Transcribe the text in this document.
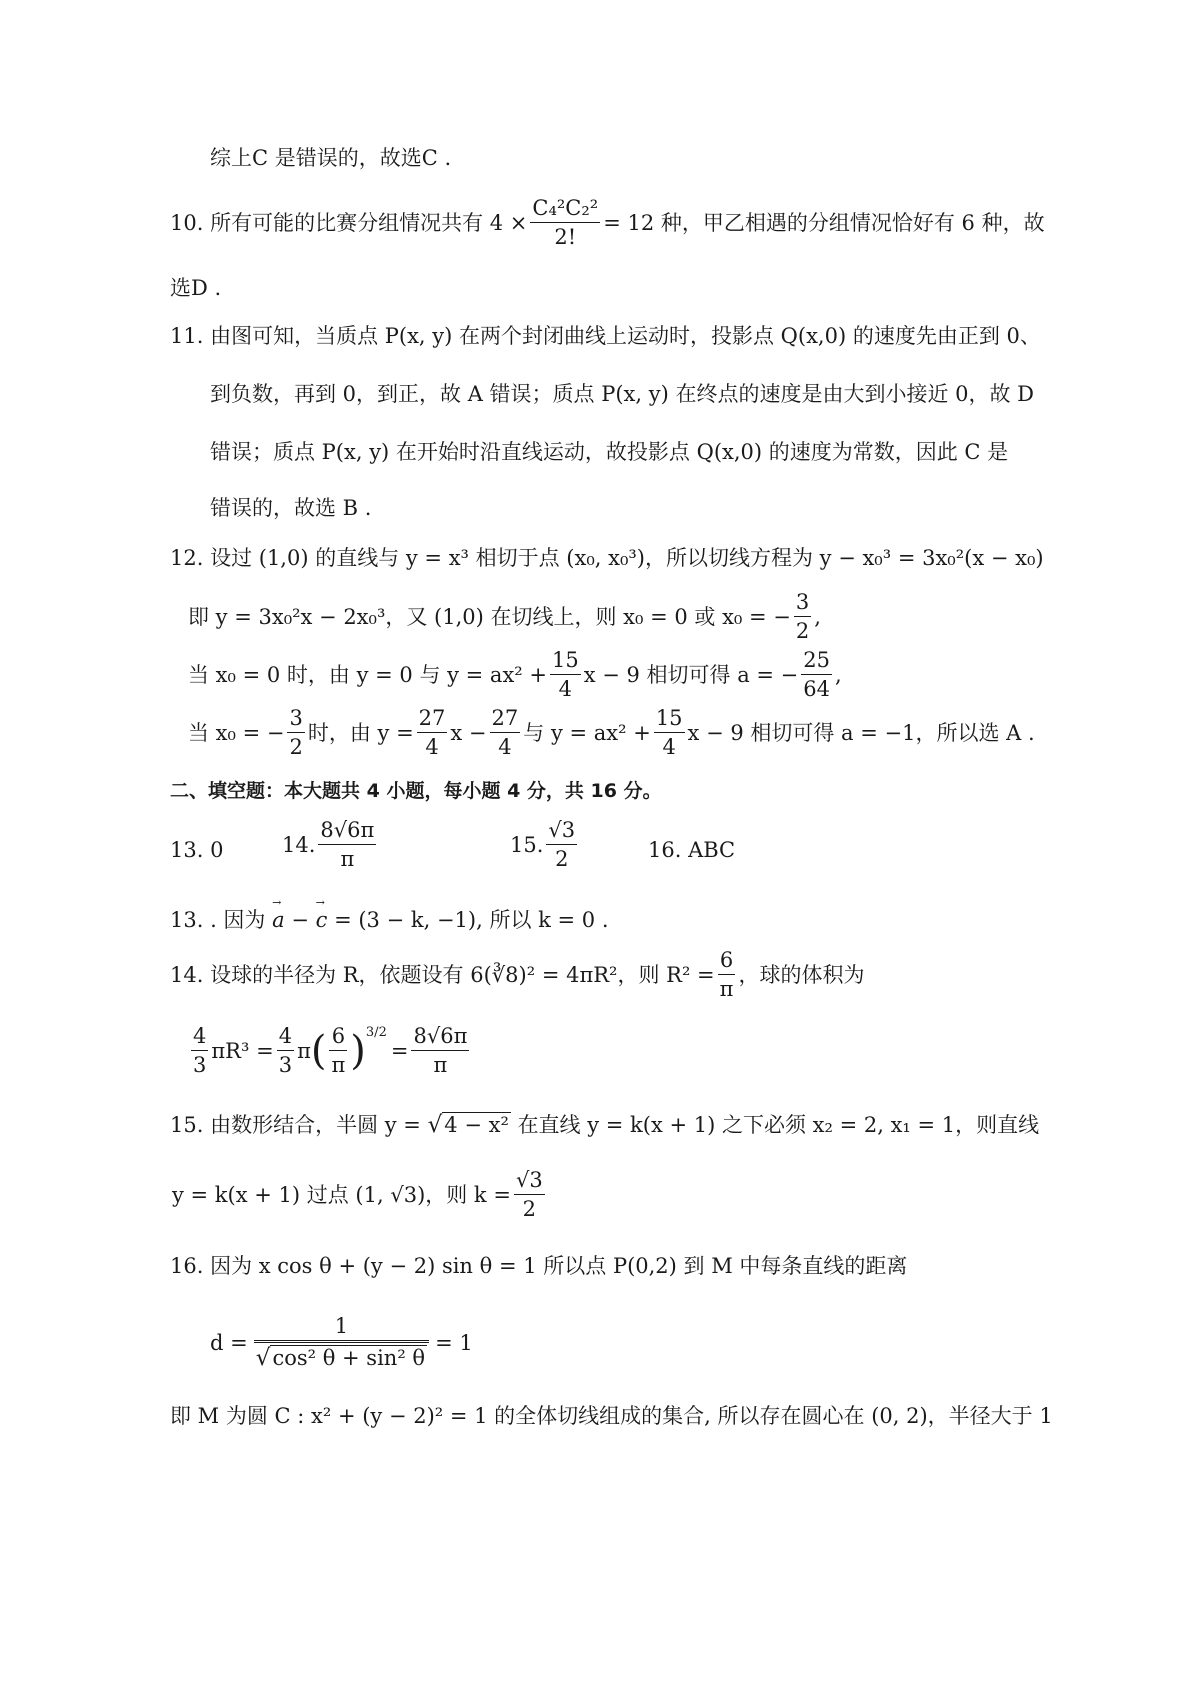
综上C 是错误的，故选C .
10. 所有可能的比赛分组情况共有 $4 \times \frac{\text{C₄²C₂²}}{2!} = 12$ 种，甲乙相遇的分组情况恰好有 6 种，故
选D .
11. 由图可知，当质点 P(x, y) 在两个封闭曲线上运动时，投影点 Q(x,0) 的速度先由正到 0、
到负数，再到 0，到正，故 A 错误；质点 P(x, y) 在终点的速度是由大到小接近 0，故 D
错误；质点 P(x, y) 在开始时沿直线运动，故投影点 Q(x,0) 的速度为常数，因此 C 是
错误的，故选 B .
12. 设过 (1,0) 的直线与 y = x³ 相切于点 (x₀, x₀³)，所以切线方程为 y − x₀³ = 3x₀²(x − x₀)
即 y = 3x₀²x − 2x₀³，又 (1,0) 在切线上，则 x₀ = 0 或 x₀ = − $\frac{3}{2}$ ,
当 x₀ = 0 时，由 y = 0 与 $y = ax^2 + \frac{15}{4}$ x − 9 相切可得 a = − $\frac{25}{64}$ ,
当 x₀ = − $\frac{3}{2}$ 时，由 $y = \frac{27}{4}$ $x - \frac{27}{4}$ 与 $y = ax^2 + \frac{15}{4}$ x − 9 相切可得 a = −1，所以选 A .
二、填空题：本大题共 4 小题，每小题 4 分，共 16 分。
13. 0	14. $\frac{8√6\pi}{\pi}$	15. $\frac{√3}{2}$	16. ABC
13. . 因为 → a − → c = (3 − k, −1), 所以 k = 0 .
14. 设球的半径为 R，依题设有 6(∛8)² = 4πR²，则 $R^2 = \frac{6}{\pi}$ ，球的体积为
$\frac{4}{3} \pi R^3 = \frac{4}{3}$ π ( $\frac{6}{\pi}$ ) $^{3/2}$
= $\frac{8√6\pi}{\pi}$
15. 由数形结合，半圆 y = √4 − x² 在直线 y = k(x + 1) 之下必须 x₂ = 2, x₁ = 1，则直线
y = k(x + 1) 过点 (1, √3)，则 $k = \frac{√3}{2}$
16. 因为 x cos θ + (y − 2) sin θ = 1 所以点 P(0,2) 到 M 中每条直线的距离
$d = \frac{1}{\text{√cos² θ + sin² θ}} = 1$
即 M 为圆 C : x² + (y − 2)² = 1 的全体切线组成的集合, 所以存在圆心在 (0, 2)，半径大于 1
